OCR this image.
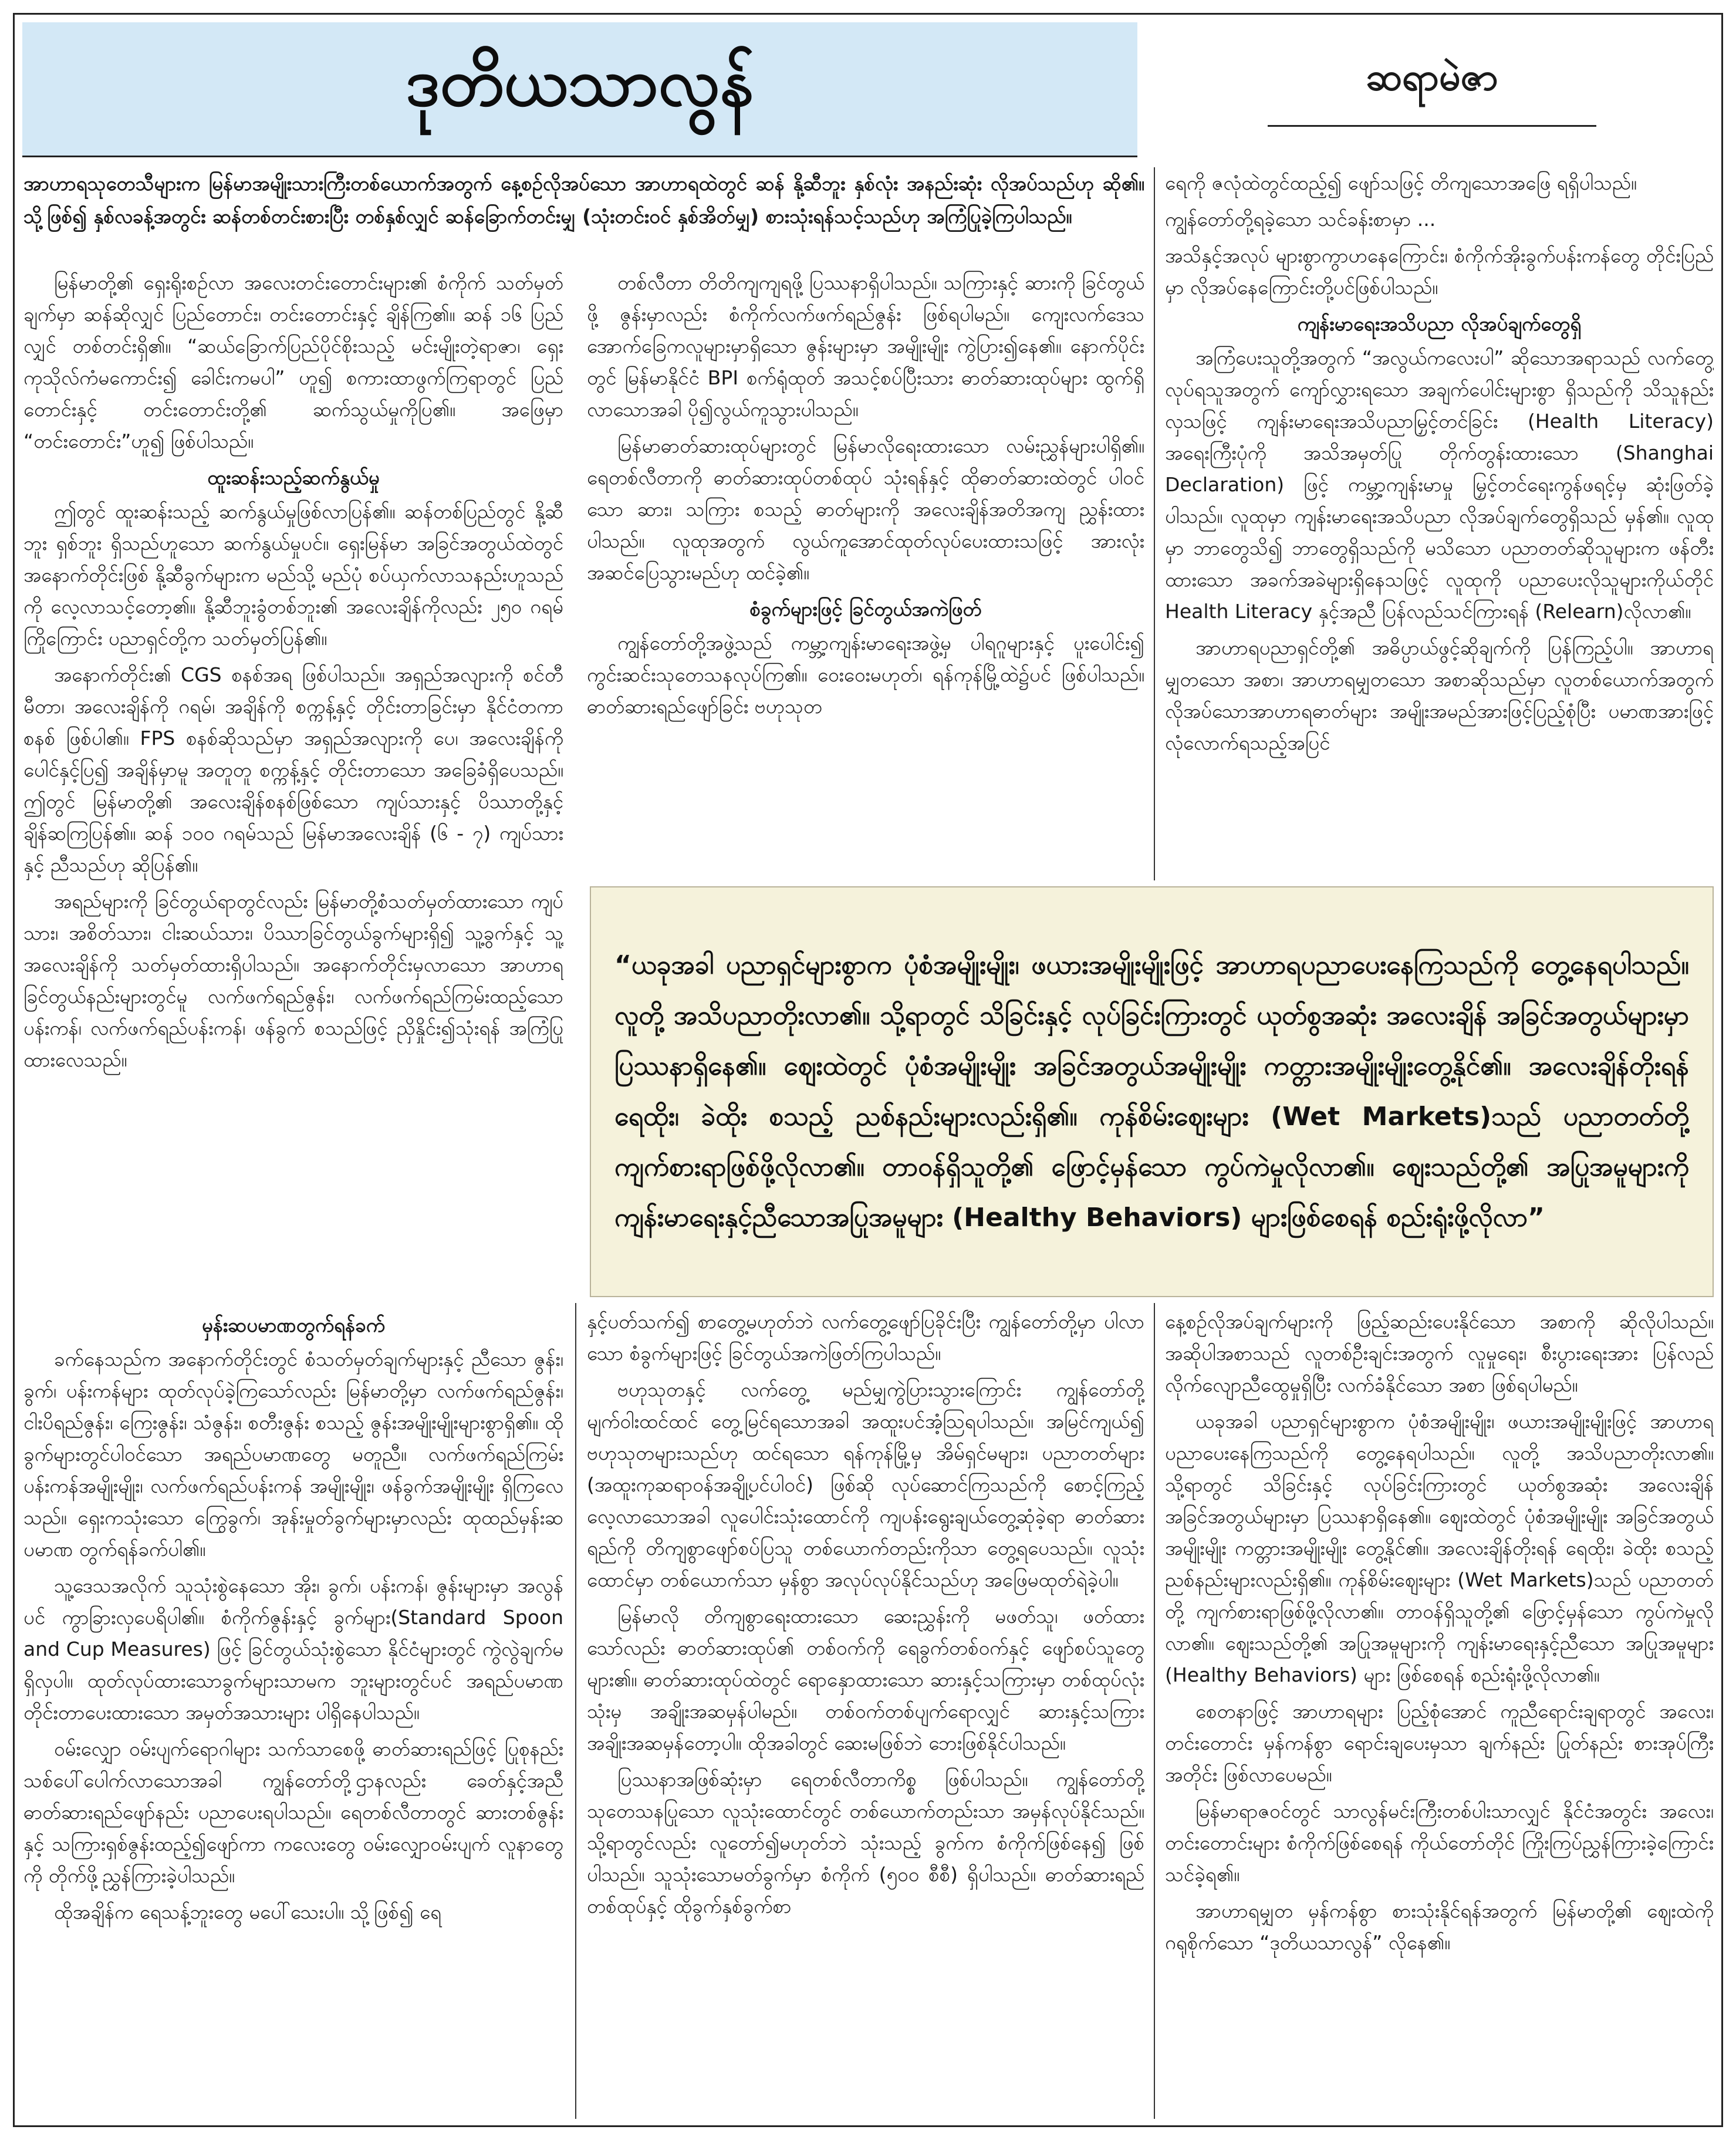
ဒုတိယသာလွန်	ဆရာမဲဇာ
အာဟာရသုတေသီများက မြန်မာအမျိုးသားကြီးတစ်ယောက်အတွက် နေ့စဉ်လိုအပ်သော အာဟာရထဲတွင် ဆန် နို့ဆီဘူး နှစ်လုံး အနည်းဆုံး လိုအပ်သည်ဟု ဆို၏။ သို့ဖြစ်၍ နှစ်လခန့်အတွင်း ဆန်တစ်တင်းစားပြီး တစ်နှစ်လျှင် ဆန်ခြောက်တင်းမျှ (သုံးတင်းဝင် နှစ်အိတ်မျှ) စားသုံးရန်သင့်သည်ဟု အကြံပြုခဲ့ကြပါသည်။

မြန်မာတို့၏ ရှေးရိုးစဉ်လာ အလေးတင်းတောင်းများ၏ စံကိုက် သတ်မှတ်ချက်မှာ ဆန်ဆိုလျှင် ပြည်တောင်း၊ တင်းတောင်းနှင့် ချိန်ကြ၏။ ဆန် ၁၆ ပြည်လျှင် တစ်တင်းရှိ၏။ “ဆယ်ခြောက်ပြည်ပိုင်စိုးသည့် မင်းမျိုးတဲ့ရာဇာ၊ ရှေးကုသိုလ်ကံမကောင်း၍ ခေါင်းကမပါ” ဟူ၍ စကားထာဖွက်ကြရာတွင် ပြည်တောင်းနှင့် တင်းတောင်းတို့၏ ဆက်သွယ်မှုကိုပြ၏။ အဖြေမှာ “တင်းတောင်း”ဟူ၍ ဖြစ်ပါသည်။

ထူးဆန်းသည့်ဆက်နွယ်မှု

ဤတွင် ထူးဆန်းသည့် ဆက်နွယ်မှုဖြစ်လာပြန်၏။ ဆန်တစ်ပြည်တွင် နို့ဆီဘူး ရှစ်ဘူး ရှိသည်ဟူသော ဆက်နွယ်မှုပင်။ ရှေးမြန်မာ အခြင်အတွယ်ထဲတွင် အနောက်တိုင်းဖြစ် နို့ဆီခွက်များက မည်သို့ မည်ပုံ စပ်ယှက်လာသနည်းဟူသည်ကို လေ့လာသင့်တော့၏။ နို့ဆီဘူးခွံတစ်ဘူး၏ အလေးချိန်ကိုလည်း ၂၅၀ ဂရမ် ကြိုကြောင်း ပညာရှင်တို့က သတ်မှတ်ပြန်၏။

အနောက်တိုင်း၏ CGS စနစ်အရ ဖြစ်ပါသည်။ အရှည်အလျားကို စင်တီမီတာ၊ အလေးချိန်ကို ဂရမ်၊ အချိန်ကို စက္ကန့်နှင့် တိုင်းတာခြင်းမှာ နိုင်ငံတကာစနစ် ဖြစ်ပါ၏။ FPS စနစ်ဆိုသည်မှာ အရှည်အလျားကို ပေ၊ အလေးချိန်ကို ပေါင်နှင့်ပြ၍ အချိန်မှာမူ အတူတူ စက္ကန့်နှင့် တိုင်းတာသော အခြေခံရှိပေသည်။ ဤတွင် မြန်မာတို့၏ အလေးချိန်စနစ်ဖြစ်သော ကျပ်သားနှင့် ပိဿာတို့နှင့် ချိန်ဆကြပြန်၏။ ဆန် ၁၀၀ ဂရမ်သည် မြန်မာအလေးချိန် (၆ - ၇) ကျပ်သားနှင့် ညီသည်ဟု ဆိုပြန်၏။

အရည်များကို ခြင်တွယ်ရာတွင်လည်း မြန်မာတို့စံသတ်မှတ်ထားသော ကျပ်သား၊ အစိတ်သား၊ ငါးဆယ်သား၊ ပိဿာခြင်တွယ်ခွက်များရှိ၍ သူ့ခွက်နှင့် သူ့အလေးချိန်ကို သတ်မှတ်ထားရှိပါသည်။ အနောက်တိုင်းမှလာသော အာဟာရ ခြင်တွယ်နည်းများတွင်မူ လက်ဖက်ရည်ဇွန်း၊ လက်ဖက်ရည်ကြမ်းထည့်သော ပန်းကန်၊ လက်ဖက်ရည်ပန်းကန်၊ ဖန်ခွက် စသည်ဖြင့် ညှိနှိုင်း၍သုံးရန် အကြံပြုထားလေသည်။

တစ်လီတာ တိတိကျကျရဖို့ ပြဿနာရှိပါသည်။ သကြားနှင့် ဆားကို ခြင်တွယ်ဖို့ ဇွန်းမှာလည်း စံကိုက်လက်ဖက်ရည်ဇွန်း ဖြစ်ရပါမည်။ ကျေးလက်ဒေသအောက်ခြေကလူများမှာရှိသော ဇွန်းများမှာ အမျိုးမျိုး ကွဲပြား၍နေ၏။ နောက်ပိုင်းတွင် မြန်မာနိုင်ငံ BPI စက်ရုံထုတ် အသင့်စပ်ပြီးသား ဓာတ်ဆားထုပ်များ ထွက်ရှိလာသောအခါ ပို၍လွယ်ကူသွားပါသည်။

မြန်မာဓာတ်ဆားထုပ်များတွင် မြန်မာလိုရေးထားသော လမ်းညွှန်များပါရှိ၏။ ရေတစ်လီတာကို ဓာတ်ဆားထုပ်တစ်ထုပ် သုံးရန်နှင့် ထိုဓာတ်ဆားထဲတွင် ပါဝင်သော ဆား၊ သကြား စသည့် ဓာတ်များကို အလေးချိန်အတိအကျ ညွှန်းထားပါသည်။ လူထုအတွက် လွယ်ကူအောင်ထုတ်လုပ်ပေးထားသဖြင့် အားလုံး အဆင်ပြေသွားမည်ဟု ထင်ခဲ့၏။

စံခွက်များဖြင့် ခြင်တွယ်အကဲဖြတ်

ကျွန်တော်တို့အဖွဲ့သည် ကမ္ဘာ့ကျန်းမာရေးအဖွဲ့မှ ပါရဂူများနှင့် ပူးပေါင်း၍ ကွင်းဆင်းသုတေသနလုပ်ကြ၏။ ဝေးဝေးမဟုတ်၊ ရန်ကုန်မြို့ထဲ၌ပင် ဖြစ်ပါသည်။ ဓာတ်ဆားရည်ဖျော်ခြင်း ဗဟုသုတ

ရေကို ဇလုံထဲတွင်ထည့်၍ ဖျော်သဖြင့် တိကျသောအဖြေ ရရှိပါသည်။

ကျွန်တော်တို့ရခဲ့သော သင်ခန်းစာမှာ ...

အသိနှင့်အလုပ် များစွာကွာဟနေကြောင်း၊ စံကိုက်အိုးခွက်ပန်းကန်တွေ တိုင်းပြည်မှာ လိုအပ်နေကြောင်းတို့ပင်ဖြစ်ပါသည်။

ကျန်းမာရေးအသိပညာ လိုအပ်ချက်တွေရှိ

အကြံပေးသူတို့အတွက် “အလွယ်ကလေးပါ” ဆိုသောအရာသည် လက်တွေ့လုပ်ရသူအတွက် ကျော်လွှားရသော အချက်ပေါင်းများစွာ ရှိသည်ကို သိသူနည်းလှသဖြင့် ကျန်းမာရေးအသိပညာမြှင့်တင်ခြင်း (Health Literacy) အရေးကြီးပုံကို အသိအမှတ်ပြု တိုက်တွန်းထားသော (Shanghai Declaration) ဖြင့် ကမ္ဘာ့ကျန်းမာမှု မြှင့်တင်ရေးကွန်ဖရင့်မှ ဆုံးဖြတ်ခဲ့ပါသည်။ လူထုမှာ ကျန်းမာရေးအသိပညာ လိုအပ်ချက်တွေရှိသည် မှန်၏။ လူထုမှာ ဘာတွေသိ၍ ဘာတွေရှိသည်ကို မသိသော ပညာတတ်ဆိုသူများက ဖန်တီးထားသော အခက်အခဲများရှိနေသဖြင့် လူထုကို ပညာပေးလိုသူများကိုယ်တိုင် Health Literacy နှင့်အညီ ပြန်လည်သင်ကြားရန် (Relearn)လိုလာ၏။

အာဟာရပညာရှင်တို့၏ အဓိပ္ပာယ်ဖွင့်ဆိုချက်ကို ပြန်ကြည့်ပါ။ အာဟာရမျှတသော အစာ၊ အာဟာရမျှတသော အစာဆိုသည်မှာ လူတစ်ယောက်အတွက် လိုအပ်သောအာဟာရဓာတ်များ အမျိုးအမည်အားဖြင့်ပြည့်စုံပြီး ပမာဏအားဖြင့် လုံလောက်ရသည့်အပြင်

“ယခုအခါ ပညာရှင်များစွာက ပုံစံအမျိုးမျိုး၊ ဖယားအမျိုးမျိုးဖြင့် အာဟာရပညာပေးနေကြသည်ကို တွေ့နေရပါသည်။ လူတို့ အသိပညာတိုးလာ၏။ သို့ရာတွင် သိခြင်းနှင့် လုပ်ခြင်းကြားတွင် ယုတ်စွအဆုံး အလေးချိန် အခြင်အတွယ်များမှာ ပြဿနာရှိနေ၏။ ဈေးထဲတွင် ပုံစံအမျိုးမျိုး အခြင်အတွယ်အမျိုးမျိုး ကတ္တားအမျိုးမျိုးတွေ့နိုင်၏။ အလေးချိန်တိုးရန် ရေထိုး၊ ခဲထိုး စသည့် ညစ်နည်းများလည်းရှိ၏။ ကုန်စိမ်းဈေးများ (Wet Markets)သည် ပညာတတ်တို့ ကျက်စားရာဖြစ်ဖို့လိုလာ၏။ တာဝန်ရှိသူတို့၏ ဖြောင့်မှန်သော ကွပ်ကဲမှုလိုလာ၏။ ဈေးသည်တို့၏ အပြုအမူများကို ကျန်းမာရေးနှင့်ညီသောအပြုအမူများ (Healthy Behaviors) များဖြစ်စေရန် စည်းရုံးဖို့လိုလာ”
မှန်းဆပမာဏတွက်ရန်ခက်

ခက်နေသည်က အနောက်တိုင်းတွင် စံသတ်မှတ်ချက်များနှင့် ညီသော ဇွန်း၊ ခွက်၊ ပန်းကန်များ ထုတ်လုပ်ခဲ့ကြသော်လည်း မြန်မာတို့မှာ လက်ဖက်ရည်ဇွန်း၊ ငါးပိရည်ဇွန်း၊ ကြေးဇွန်း၊ သံဇွန်း၊ စတီးဇွန်း စသည့် ဇွန်းအမျိုးမျိုးများစွာရှိ၏။ ထိုခွက်များတွင်ပါဝင်သော အရည်ပမာဏတွေ မတူညီ။ လက်ဖက်ရည်ကြမ်း ပန်းကန်အမျိုးမျိုး၊ လက်ဖက်ရည်ပန်းကန် အမျိုးမျိုး၊ ဖန်ခွက်အမျိုးမျိုး ရှိကြလေသည်။ ရှေးကသုံးသော ကြွေခွက်၊ အုန်းမှုတ်ခွက်များမှာလည်း ထုထည်မှန်းဆပမာဏ တွက်ရန်ခက်ပါ၏။

သူ့ဒေသအလိုက် သူသုံးစွဲနေသော အိုး၊ ခွက်၊ ပန်းကန်၊ ဇွန်းများမှာ အလွန်ပင် ကွာခြားလှပေရိပါ၏။ စံကိုက်ဇွန်းနှင့် ခွက်များ(Standard Spoon and Cup Measures) ဖြင့် ခြင်တွယ်သုံးစွဲသော နိုင်ငံများတွင် ကွဲလွဲချက်မရှိလှပါ။ ထုတ်လုပ်ထားသောခွက်များသာမက ဘူးများတွင်ပင် အရည်ပမာဏ တိုင်းတာပေးထားသော အမှတ်အသားများ ပါရှိနေပါသည်။

ဝမ်းလျှော ဝမ်းပျက်ရောဂါများ သက်သာစေဖို့ ဓာတ်ဆားရည်ဖြင့် ပြုစုနည်းသစ်ပေါ်ပေါက်လာသောအခါ ကျွန်တော်တို့ဌာနလည်း ခေတ်နှင့်အညီ ဓာတ်ဆားရည်ဖျော်နည်း ပညာပေးရပါသည်။ ရေတစ်လီတာတွင် ဆားတစ်ဇွန်းနှင့် သကြားရှစ်ဇွန်းထည့်၍ဖျော်ကာ ကလေးတွေ ဝမ်းလျှောဝမ်းပျက် လူနာတွေကို တိုက်ဖို့ညွှန်ကြားခဲ့ပါသည်။

ထိုအချိန်က ရေသန့်ဘူးတွေ မပေါ်သေးပါ။ သို့ဖြစ်၍ ရေ

နှင့်ပတ်သက်၍ စာတွေ့မဟုတ်ဘဲ လက်တွေ့ဖျော်ပြခိုင်းပြီး ကျွန်တော်တို့မှာ ပါလာသော စံခွက်များဖြင့် ခြင်တွယ်အကဲဖြတ်ကြပါသည်။

ဗဟုသုတနှင့် လက်တွေ့ မည်မျှကွဲပြားသွားကြောင်း ကျွန်တော်တို့ မျက်ဝါးထင်ထင် တွေ့မြင်ရသောအခါ အထူးပင်အံ့သြရပါသည်။ အမြင်ကျယ်၍ ဗဟုသုတများသည်ဟု ထင်ရသော ရန်ကုန်မြို့မှ အိမ်ရှင်မများ၊ ပညာတတ်များ (အထူးကုဆရာဝန်အချို့ပင်ပါဝင်) ဖြစ်ဆို လုပ်ဆောင်ကြသည်ကို စောင့်ကြည့်လေ့လာသောအခါ လူပေါင်းသုံးထောင်ကို ကျပန်းရွေးချယ်တွေ့ဆုံခဲ့ရာ ဓာတ်ဆားရည်ကို တိကျစွာဖျော်စပ်ပြသူ တစ်ယောက်တည်းကိုသာ တွေ့ရပေသည်။ လူသုံးထောင်မှာ တစ်ယောက်သာ မှန်စွာ အလုပ်လုပ်နိုင်သည်ဟု အဖြေမထုတ်ရဲခဲ့ပါ။

မြန်မာလို တိကျစွာရေးထားသော ဆေးညွှန်းကို မဖတ်သူ၊ ဖတ်ထားသော်လည်း ဓာတ်ဆားထုပ်၏ တစ်ဝက်ကို ရေခွက်တစ်ဝက်နှင့် ဖျော်စပ်သူတွေများ၏။ ဓာတ်ဆားထုပ်ထဲတွင် ရောနှောထားသော ဆားနှင့်သကြားမှာ တစ်ထုပ်လုံးသုံးမှ အချိုးအဆမှန်ပါမည်။ တစ်ဝက်တစ်ပျက်ရောလျှင် ဆားနှင့်သကြား အချိုးအဆမှန်တော့ပါ။ ထိုအခါတွင် ဆေးမဖြစ်ဘဲ ဘေးဖြစ်နိုင်ပါသည်။

ပြဿနာအဖြစ်ဆုံးမှာ ရေတစ်လီတာကိစ္စ ဖြစ်ပါသည်။ ကျွန်တော်တို့ သုတေသနပြုသော လူသုံးထောင်တွင် တစ်ယောက်တည်းသာ အမှန်လုပ်နိုင်သည်။ သို့ရာတွင်လည်း လူတော်၍မဟုတ်ဘဲ သုံးသည့် ခွက်က စံကိုက်ဖြစ်နေ၍ ဖြစ်ပါသည်။ သူသုံးသောမတ်ခွက်မှာ စံကိုက် (၅၀၀ စီစီ) ရှိပါသည်။ ဓာတ်ဆားရည်တစ်ထုပ်နှင့် ထိုခွက်နှစ်ခွက်စာ

နေ့စဉ်လိုအပ်ချက်များကို ဖြည့်ဆည်းပေးနိုင်သော အစာကို ဆိုလိုပါသည်။ အဆိုပါအစာသည် လူတစ်ဦးချင်းအတွက် လူမှုရေး၊ စီးပွားရေးအား ပြန်လည်လိုက်လျောညီထွေမှုရှိပြီး လက်ခံနိုင်သော အစာ ဖြစ်ရပါမည်။

ယခုအခါ ပညာရှင်များစွာက ပုံစံအမျိုးမျိုး၊ ဖယားအမျိုးမျိုးဖြင့် အာဟာရပညာပေးနေကြသည်ကို တွေ့နေရပါသည်။ လူတို့ အသိပညာတိုးလာ၏။ သို့ရာတွင် သိခြင်းနှင့် လုပ်ခြင်းကြားတွင် ယုတ်စွအဆုံး အလေးချိန် အခြင်အတွယ်များမှာ ပြဿနာရှိနေ၏။ ဈေးထဲတွင် ပုံစံအမျိုးမျိုး အခြင်အတွယ် အမျိုးမျိုး ကတ္တားအမျိုးမျိုး တွေ့နိုင်၏။ အလေးချိန်တိုးရန် ရေထိုး၊ ခဲထိုး စသည့် ညစ်နည်းများလည်းရှိ၏။ ကုန်စိမ်းဈေးများ (Wet Markets)သည် ပညာတတ်တို့ ကျက်စားရာဖြစ်ဖို့လိုလာ၏။ တာဝန်ရှိသူတို့၏ ဖြောင့်မှန်သော ကွပ်ကဲမှုလိုလာ၏။ ဈေးသည်တို့၏ အပြုအမူများကို ကျန်းမာရေးနှင့်ညီသော အပြုအမူများ (Healthy Behaviors) များ ဖြစ်စေရန် စည်းရုံးဖို့လိုလာ၏။

စေတနာဖြင့် အာဟာရများ ပြည့်စုံအောင် ကူညီရောင်းချရာတွင် အလေး၊ တင်းတောင်း မှန်ကန်စွာ ရောင်းချပေးမှသာ ချက်နည်း ပြုတ်နည်း စားအုပ်ကြီးအတိုင်း ဖြစ်လာပေမည်။

မြန်မာရာဇဝင်တွင် သာလွန်မင်းကြီးတစ်ပါးသာလျှင် နိုင်ငံအတွင်း အလေး၊ တင်းတောင်းများ စံကိုက်ဖြစ်စေရန် ကိုယ်တော်တိုင် ကြိုးကြပ်ညွှန်ကြားခဲ့ကြောင်း သင်ခဲ့ရ၏။

အာဟာရမျှတ မှန်ကန်စွာ စားသုံးနိုင်ရန်အတွက် မြန်မာတို့၏ ဈေးထဲကို ဂရုစိုက်သော “ဒုတိယသာလွန်” လိုနေ၏။
